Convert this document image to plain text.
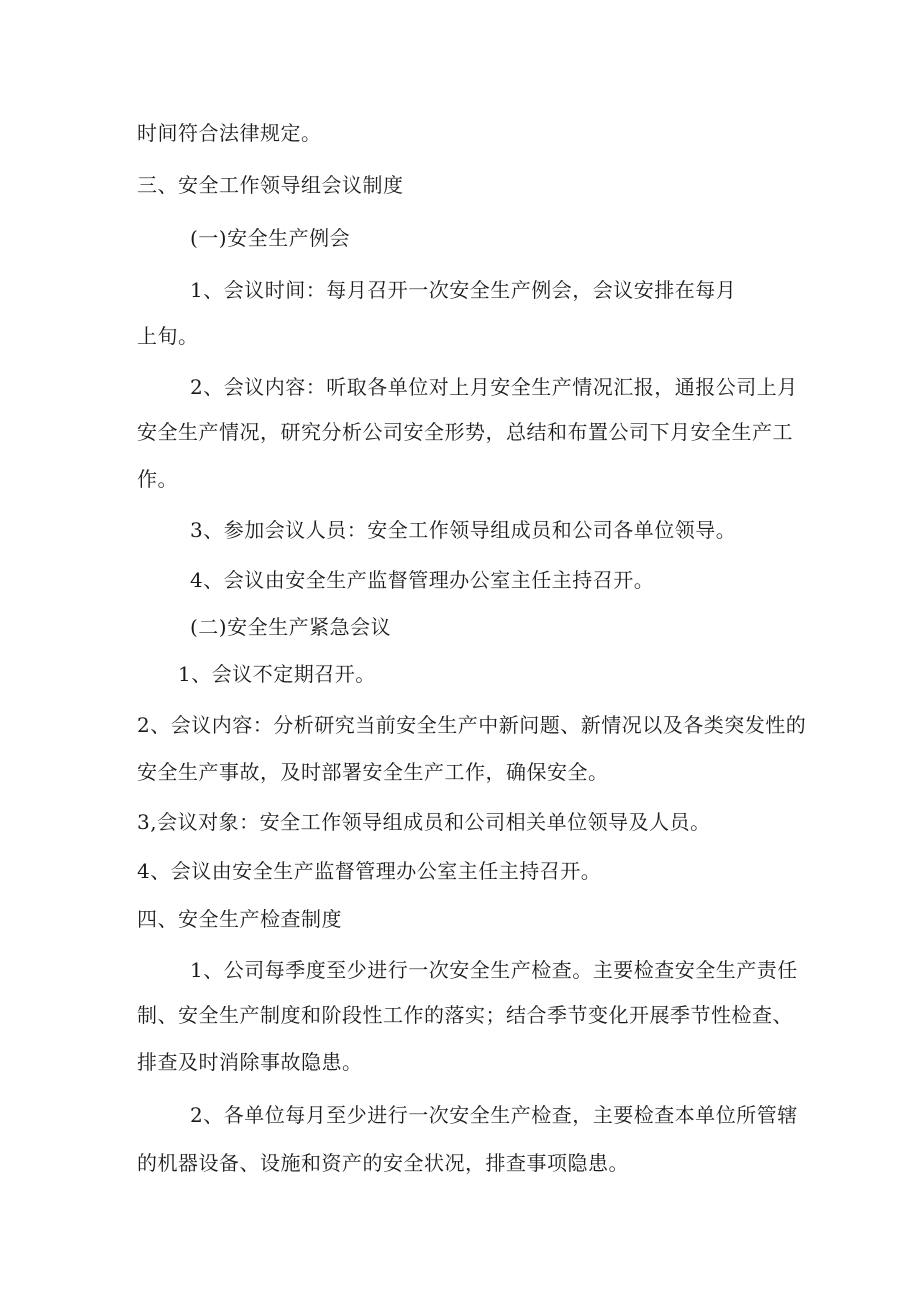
时间符合法律规定。
三、安全工作领导组会议制度
(一)安全生产例会
1、会议时间：每月召开一次安全生产例会，会议安排在每月
上旬。
2、会议内容：听取各单位对上月安全生产情况汇报，通报公司上月
安全生产情况，研究分析公司安全形势，总结和布置公司下月安全生产工
作。
3、参加会议人员：安全工作领导组成员和公司各单位领导。
4、会议由安全生产监督管理办公室主任主持召开。
(二)安全生产紧急会议
1、会议不定期召开。
2、会议内容：分析研究当前安全生产中新问题、新情况以及各类突发性的
安全生产事故，及时部署安全生产工作，确保安全。
3,会议对象：安全工作领导组成员和公司相关单位领导及人员。
4、会议由安全生产监督管理办公室主任主持召开。
四、安全生产检查制度
1、公司每季度至少进行一次安全生产检查。主要检查安全生产责任
制、安全生产制度和阶段性工作的落实；结合季节变化开展季节性检查、
排查及时消除事故隐患。
2、各单位每月至少进行一次安全生产检查，主要检查本单位所管辖
的机器设备、设施和资产的安全状况，排查事项隐患。
